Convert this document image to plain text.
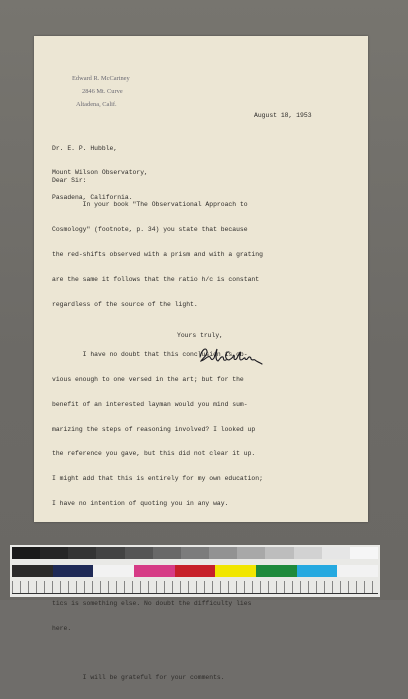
Edward R. McCartney
2846 Mt. Curve
Altadena, Calif.
August 18, 1953

Dr. E. P. Hubble,

Mount Wilson Observatory,

Pasadena, California.

Dear Sir:

In your book "The Observational Approach to

Cosmology" (footnote, p. 34) you state that because

the red-shifts observed with a prism and with a grating

are the same it follows that the ratio h/c is constant

regardless of the source of the light.

I have no doubt that this conclusion is ob-

vious enough to one versed in the art; but for the

benefit of an interested layman would you mind sum-

marizing the steps of reasoning involved? I looked up

the reference you gave, but this did not clear it up.

I might add that this is entirely for my own education;

I have no intention of quoting you in any way.

tics is something else. No doubt the difficulty lies

here.

I will be grateful for your comments.

Yours truly,
